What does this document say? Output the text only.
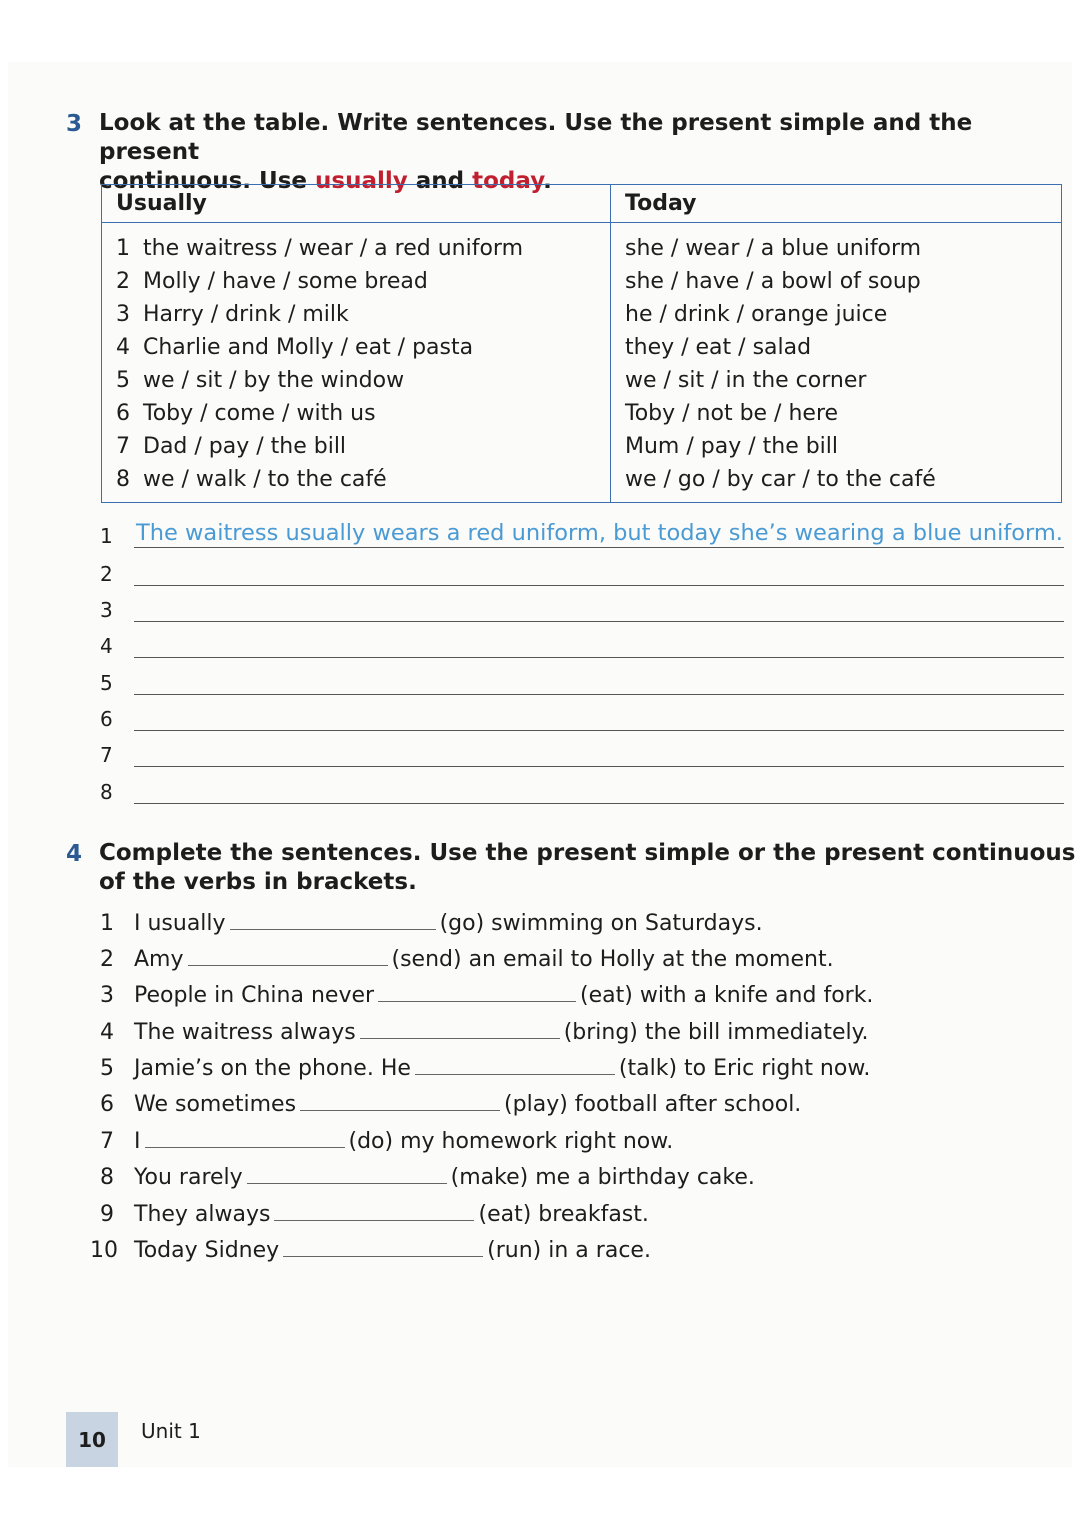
3 Look at the table. Write sentences. Use the present simple and the present
continuous. Use usually and today.
Usually	Today
1 the waitress / wear / a red uniform	she / wear / a blue uniform
2 Molly / have / some bread	she / have / a bowl of soup
3 Harry / drink / milk	he / drink / orange juice
4 Charlie and Molly / eat / pasta	they / eat / salad
5 we / sit / by the window	we / sit / in the corner
6 Toby / come / with us	Toby / not be / here
7 Dad / pay / the bill	Mum / pay / the bill
8 we / walk / to the café	we / go / by car / to the café
1 The waitress usually wears a red uniform, but today she’s wearing a blue uniform.
2
3
4
5
6
7
8
4 Complete the sentences. Use the present simple or the present continuous
of the verbs in brackets.
1 I usually	(go) swimming on Saturdays.
2 Amy	(send) an email to Holly at the moment.
3 People in China never	(eat) with a knife and fork.
4 The waitress always	(bring) the bill immediately.
5 Jamie’s on the phone. He	(talk) to Eric right now.
6 We sometimes	(play) football after school.
7 I	(do) my homework right now.
8 You rarely	(make) me a birthday cake.
9 They always	(eat) breakfast.
10 Today Sidney	(run) in a race.
10	Unit 1
